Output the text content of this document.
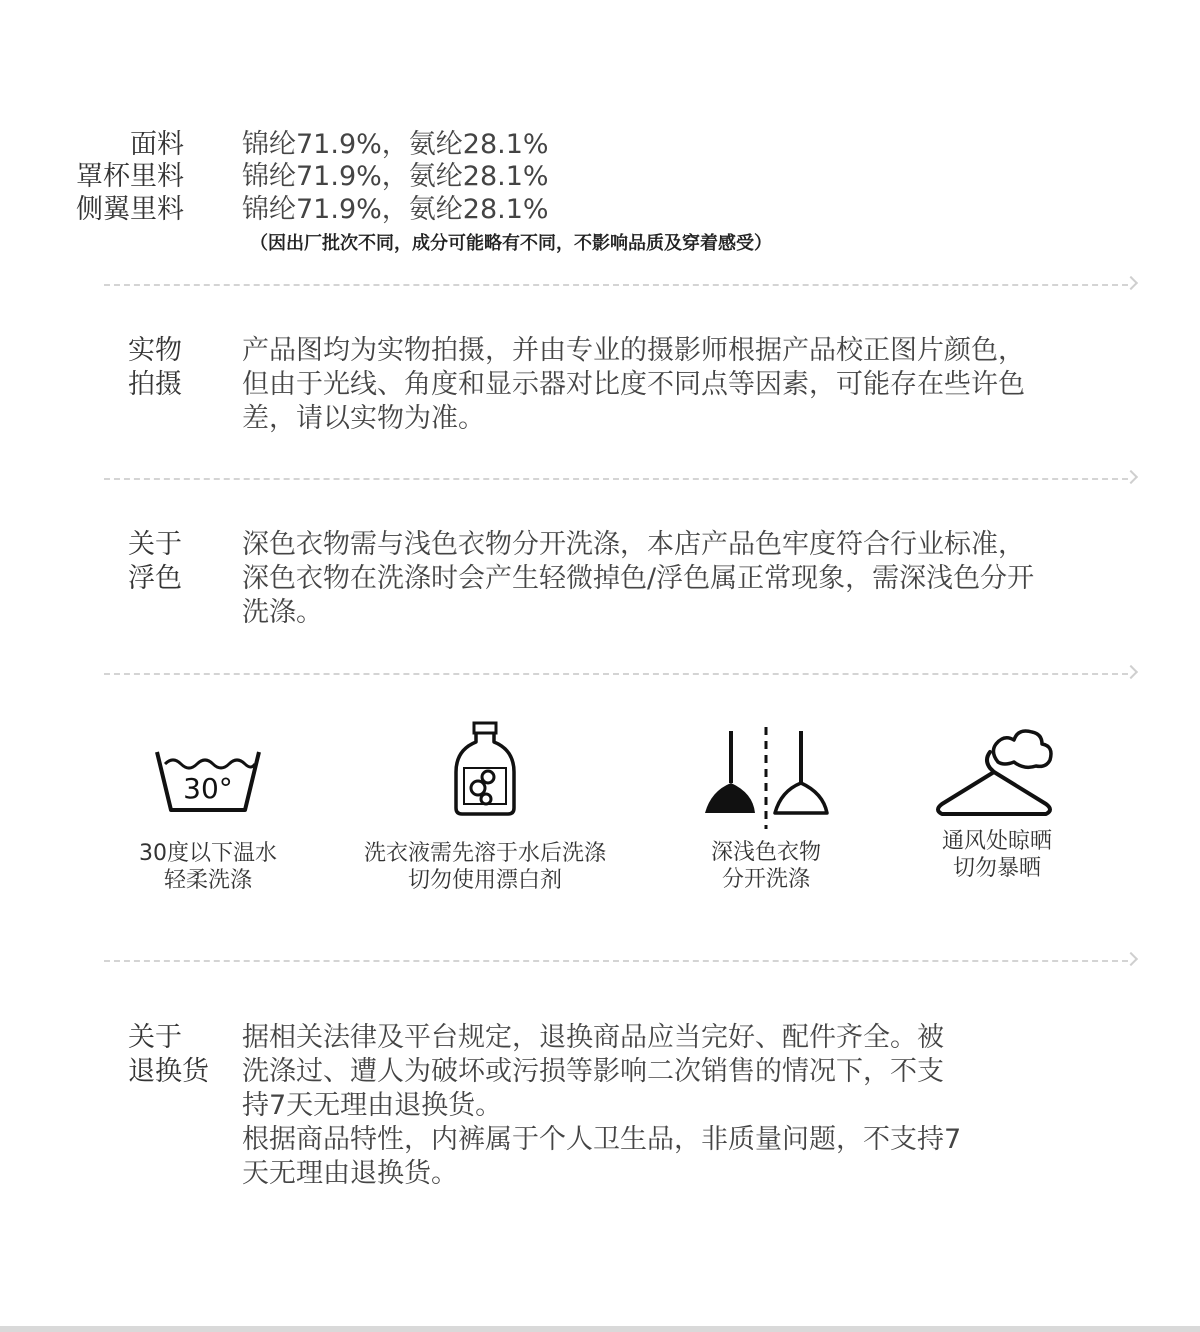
面料 锦纶71.9%，氨纶28.1%
罩杯里料 锦纶71.9%，氨纶28.1%
侧翼里料 锦纶71.9%，氨纶28.1%
（因出厂批次不同，成分可能略有不同，不影响品质及穿着感受）
实物
拍摄
产品图均为实物拍摄，并由专业的摄影师根据产品校正图片颜色，
但由于光线、角度和显示器对比度不同点等因素，可能存在些许色
差，请以实物为准。
关于
浮色
深色衣物需与浅色衣物分开洗涤，本店产品色牢度符合行业标准，
深色衣物在洗涤时会产生轻微掉色/浮色属正常现象，需深浅色分开
洗涤。
30°
30度以下温水
轻柔洗涤
洗衣液需先溶于水后洗涤
切勿使用漂白剂
深浅色衣物
分开洗涤
通风处晾晒
切勿暴晒
关于
退换货
据相关法律及平台规定，退换商品应当完好、配件齐全。被
洗涤过、遭人为破坏或污损等影响二次销售的情况下，不支
持7天无理由退换货。
根据商品特性，内裤属于个人卫生品，非质量问题，不支持7
天无理由退换货。
